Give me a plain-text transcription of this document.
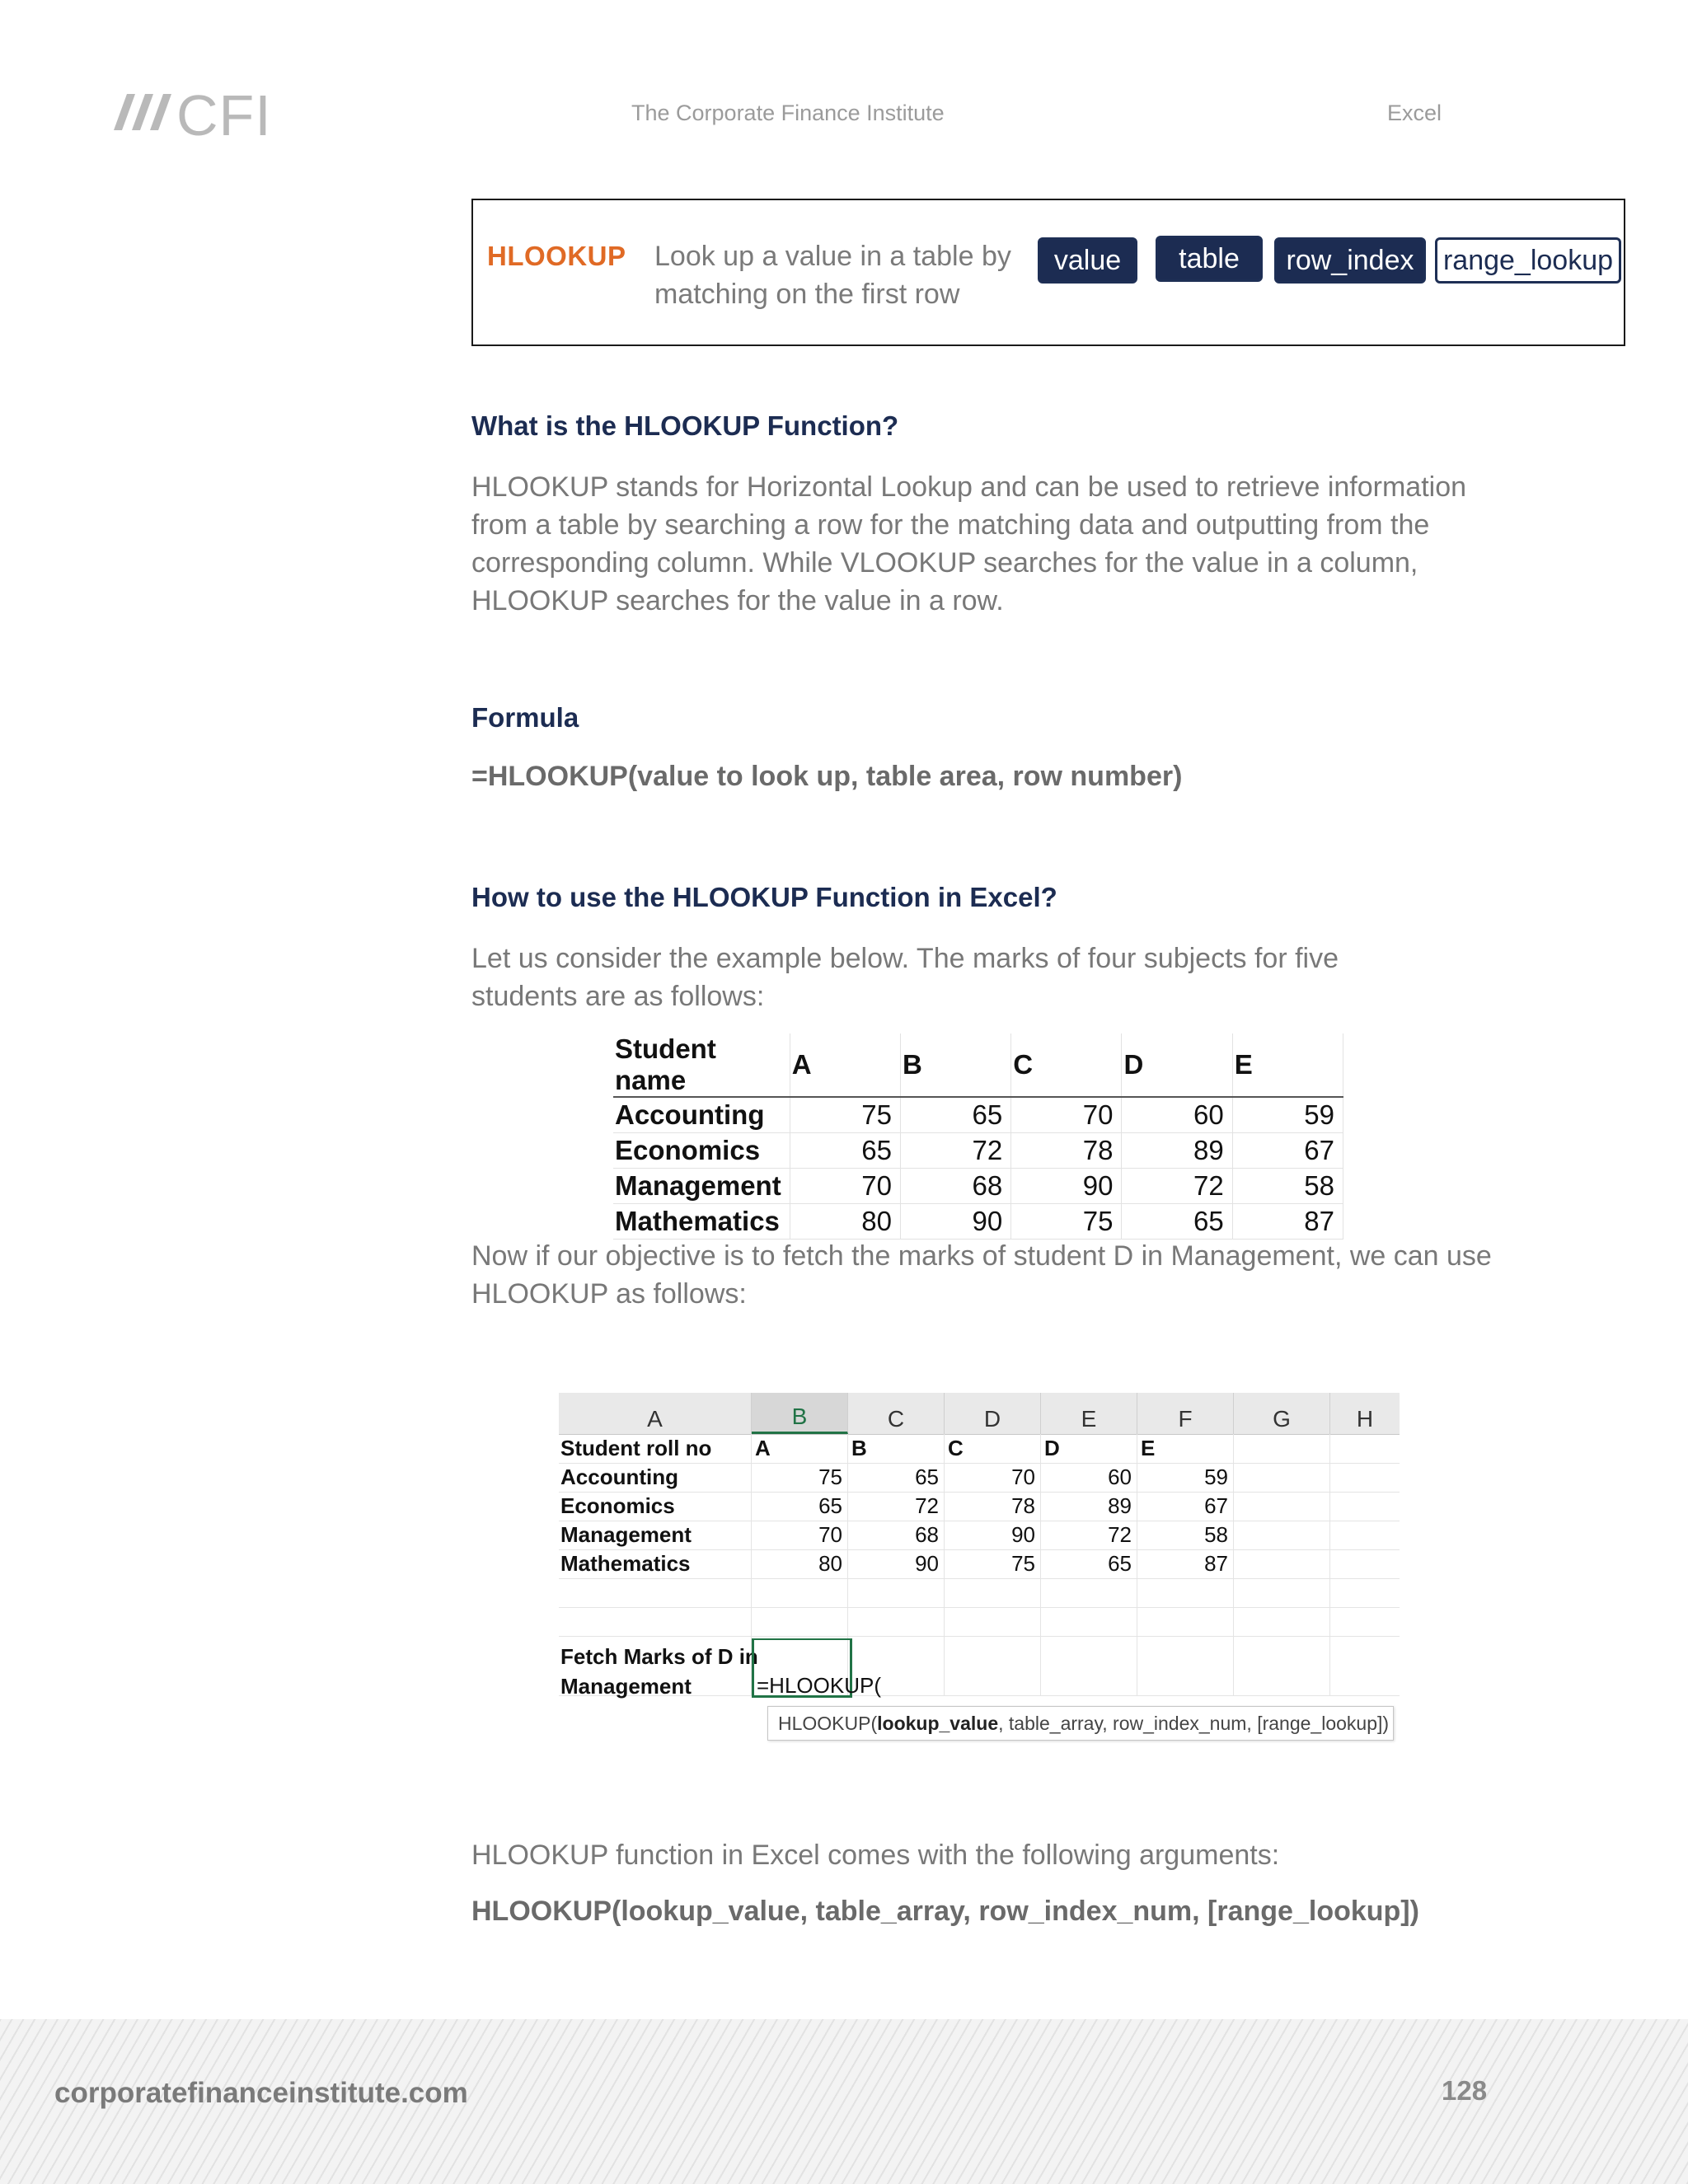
CFI	The Corporate Finance Institute	Excel
HLOOKUP Look up a value in a table by matching on the first row
value	table	row_index	range_lookup
What is the HLOOKUP Function?
HLOOKUP stands for Horizontal Lookup and can be used to retrieve information from a table by searching a row for the matching data and outputting from the corresponding column. While VLOOKUP searches for the value in a column, HLOOKUP searches for the value in a row.
Formula
=HLOOKUP(value to look up, table area, row number)
How to use the HLOOKUP Function in Excel?
Let us consider the example below. The marks of four subjects for five students are as follows:
Student name	A	B	C	D	E
Accounting	75	65	70	60	59
Economics	65	72	78	89	67
Management	70	68	90	72	58
Mathematics	80	90	75	65	87
Now if our objective is to fetch the marks of student D in Management, we can use HLOOKUP as follows:
A	B	C	D	E	F	G	H
Student roll no	A	B	C	D	E
Accounting	75	65	70	60	59
Economics	65	72	78	89	67
Management	70	68	90	72	58
Mathematics	80	90	75	65	87
Fetch Marks of D in
Management	=HLOOKUP(
HLOOKUP( lookup_value , table_array, row_index_num, [range_lookup])
HLOOKUP function in Excel comes with the following arguments:
HLOOKUP(lookup_value, table_array, row_index_num, [range_lookup])
corporatefinanceinstitute.com	128
